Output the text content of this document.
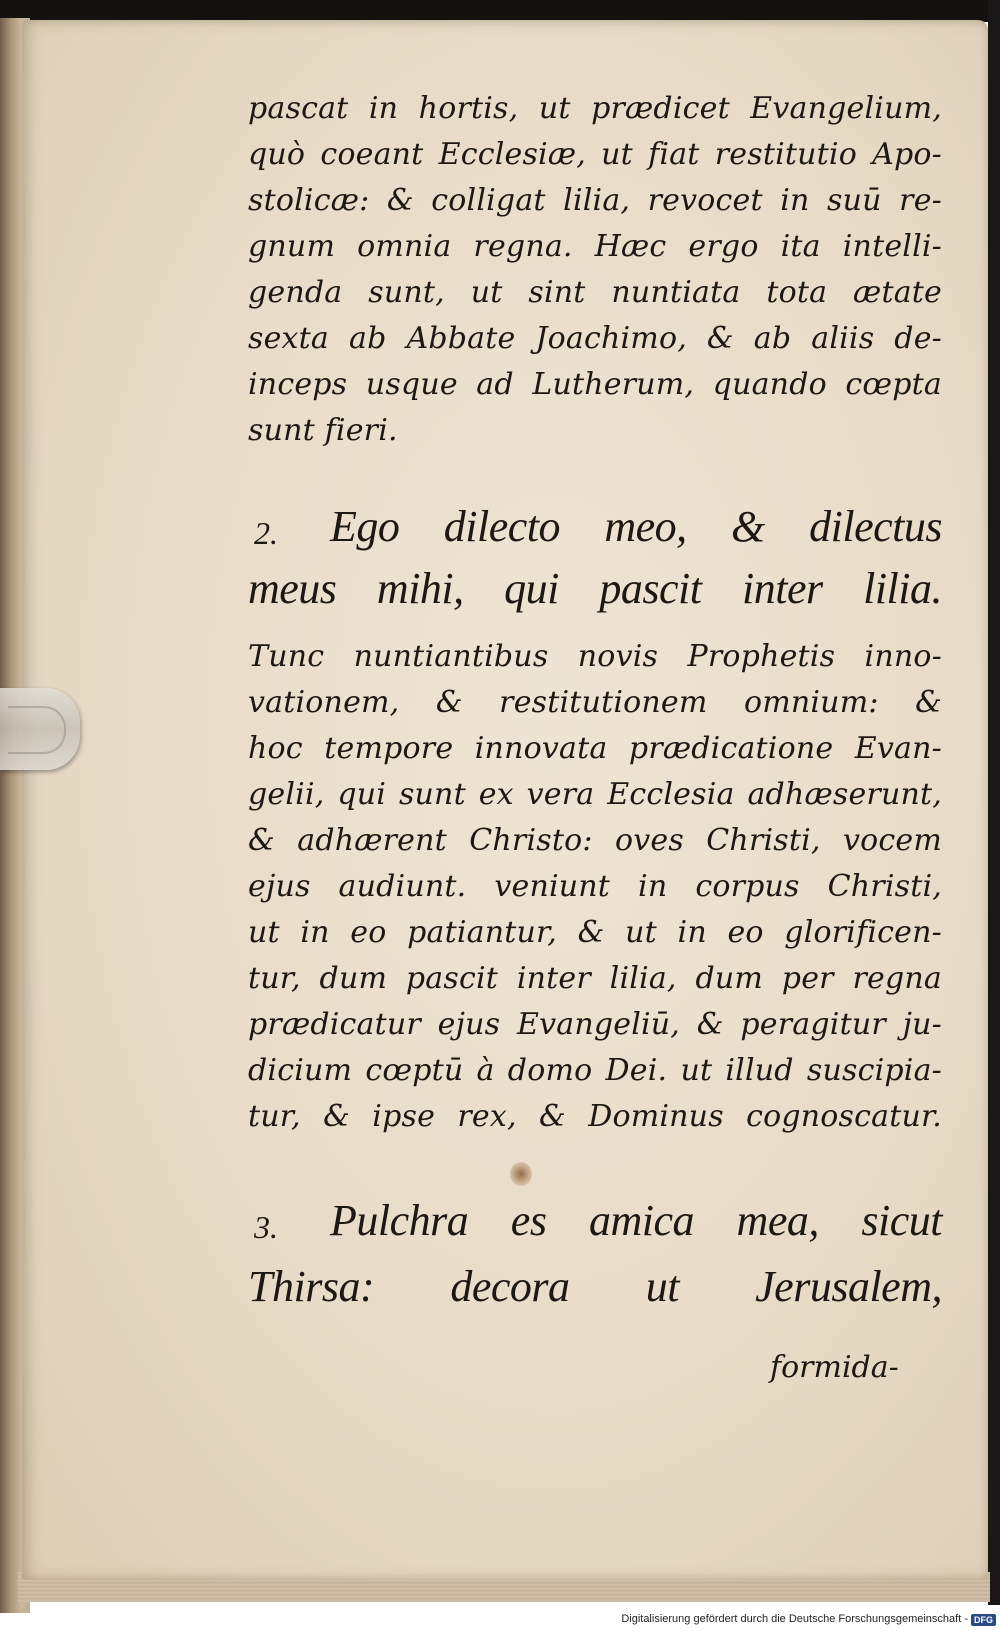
pascat in hortis, ut prædicet Evangelium,
quò coeant Ecclesiæ, ut fiat restitutio Apo-
stolicæ: & colligat lilia, revocet in suū re-
gnum omnia regna. Hæc ergo ita intelli-
genda sunt, ut sint nuntiata tota ætate
sexta ab Abbate Joachimo, & ab aliis de-
inceps usque ad Lutherum, quando cœpta
sunt fieri.
2. Ego dilecto meo, & dilectus
meus mihi, qui pascit inter lilia.
Tunc nuntiantibus novis Prophetis inno-
vationem, & restitutionem omnium: &
hoc tempore innovata prædicatione Evan-
gelii, qui sunt ex vera Ecclesia adhæserunt,
& adhærent Christo: oves Christi, vocem
ejus audiunt. veniunt in corpus Christi,
ut in eo patiantur, & ut in eo glorificen-
tur, dum pascit inter lilia, dum per regna
prædicatur ejus Evangeliū, & peragitur ju-
dicium cœptū à domo Dei. ut illud suscipia-
tur, & ipse rex, & Dominus cognoscatur.
3. Pulchra es amica mea, sicut
Thirsa: decora ut Jerusalem,
formida-
Digitalisierung gefördert durch die Deutsche Forschungsgemeinschaft - DFG
